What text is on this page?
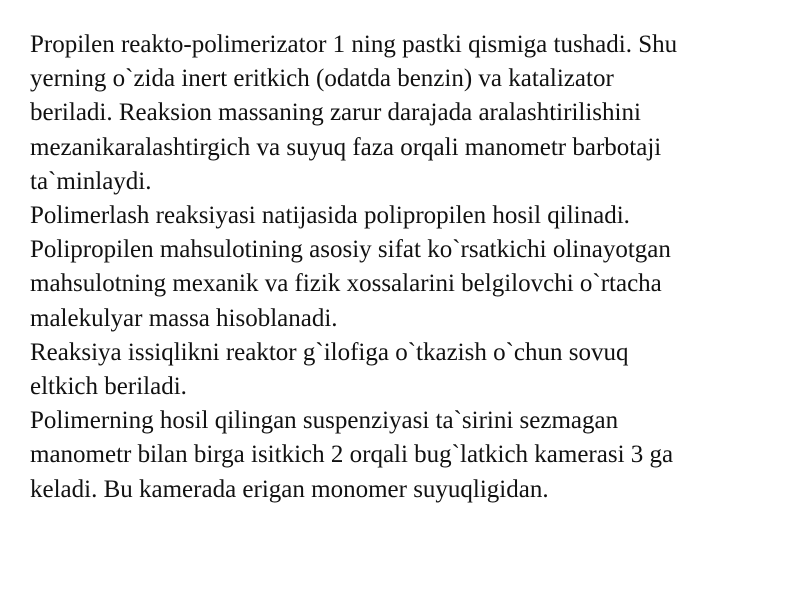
Propilen reakto-polimerizator 1 ning pastki qismiga tushadi. Shu
yerning o`zida inert eritkich (odatda benzin) va katalizator
beriladi. Reaksion massaning zarur darajada aralashtirilishini
mezanikaralashtirgich va suyuq faza orqali manometr barbotaji
ta`minlaydi.
Polimerlash reaksiyasi natijasida polipropilen hosil qilinadi.
Polipropilen mahsulotining asosiy sifat ko`rsatkichi olinayotgan
mahsulotning mexanik va fizik xossalarini belgilovchi o`rtacha
malekulyar massa hisoblanadi.
Reaksiya issiqlikni reaktor g`ilofiga o`tkazish o`chun sovuq
eltkich beriladi.
Polimerning hosil qilingan suspenziyasi ta`sirini sezmagan
manometr bilan birga isitkich 2 orqali bug`latkich kamerasi 3 ga
keladi. Bu kamerada erigan monomer suyuqligidan.
